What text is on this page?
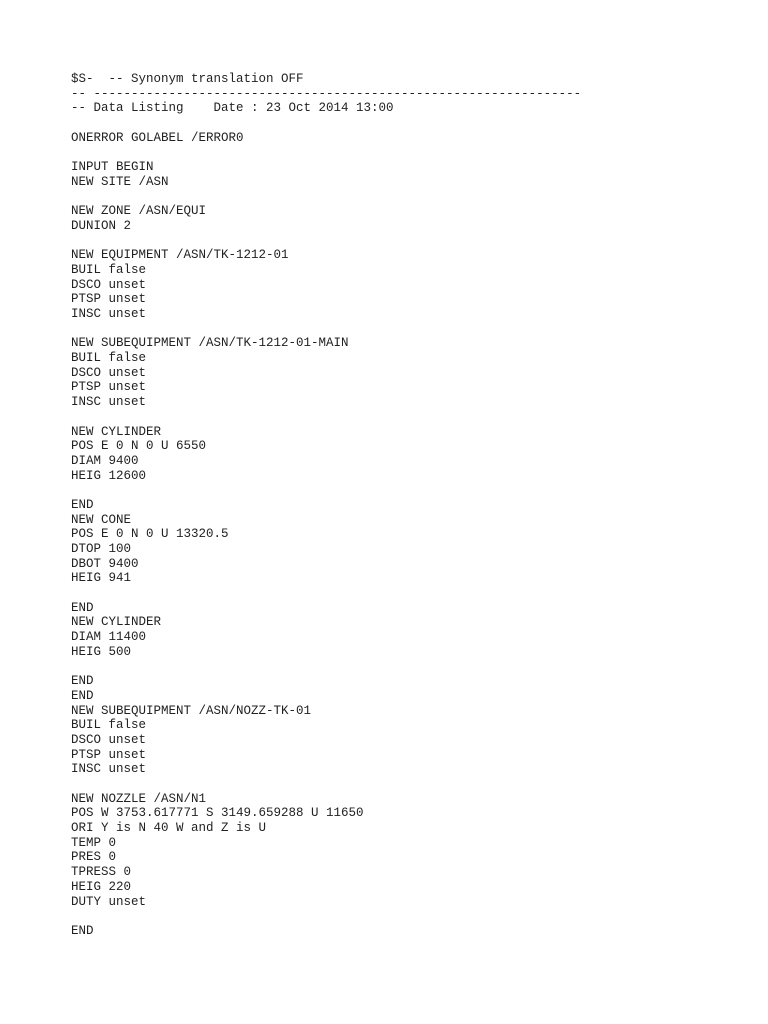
$S-  -- Synonym translation OFF
-- -----------------------------------------------------------------
-- Data Listing    Date : 23 Oct 2014 13:00
ONERROR GOLABEL /ERROR0
INPUT BEGIN
NEW SITE /ASN
NEW ZONE /ASN/EQUI
DUNION 2
NEW EQUIPMENT /ASN/TK-1212-01
BUIL false
DSCO unset
PTSP unset
INSC unset
NEW SUBEQUIPMENT /ASN/TK-1212-01-MAIN
BUIL false
DSCO unset
PTSP unset
INSC unset
NEW CYLINDER
POS E 0 N 0 U 6550
DIAM 9400
HEIG 12600
END
NEW CONE
POS E 0 N 0 U 13320.5
DTOP 100
DBOT 9400
HEIG 941
END
NEW CYLINDER
DIAM 11400
HEIG 500
END
END
NEW SUBEQUIPMENT /ASN/NOZZ-TK-01
BUIL false
DSCO unset
PTSP unset
INSC unset
NEW NOZZLE /ASN/N1
POS W 3753.617771 S 3149.659288 U 11650
ORI Y is N 40 W and Z is U
TEMP 0
PRES 0
TPRESS 0
HEIG 220
DUTY unset
END
